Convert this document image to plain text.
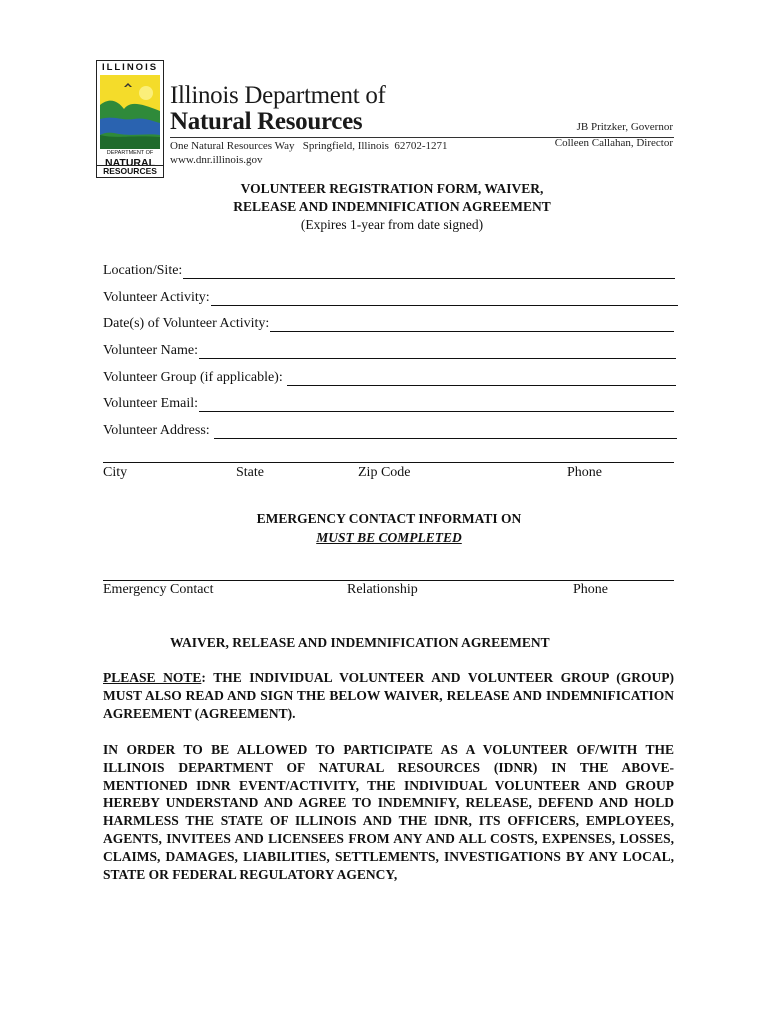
ILLINOIS
DEPARTMENT OF
NATURAL
RESOURCES
Illinois Department of
Natural Resources	JB Pritzker, Governor
Colleen Callahan, Director
One Natural Resources Way   Springfield, Illinois  62702-1271
www.dnr.illinois.gov
VOLUNTEER REGISTRATION FORM, WAIVER,
RELEASE AND INDEMNIFICATION AGREEMENT
(Expires 1-year from date signed)
Location/Site:
Volunteer Activity:
Date(s) of Volunteer Activity:
Volunteer Name:
Volunteer Group (if applicable):
Volunteer Email:
Volunteer Address:
City	State	Zip Code	Phone
EMERGENCY CONTACT INFORMATI ON
MUST BE COMPLETED
Emergency Contact	Relationship	Phone
WAIVER, RELEASE AND INDEMNIFICATION AGREEMENT
PLEASE NOTE: THE INDIVIDUAL VOLUNTEER AND VOLUNTEER GROUP (GROUP) MUST ALSO READ AND SIGN THE BELOW WAIVER, RELEASE AND INDEMNIFICATION AGREEMENT (AGREEMENT).
IN ORDER TO BE ALLOWED TO PARTICIPATE AS A VOLUNTEER OF/WITH THE ILLINOIS DEPARTMENT OF NATURAL RESOURCES (IDNR) IN THE ABOVE-MENTIONED IDNR EVENT/ACTIVITY, THE INDIVIDUAL VOLUNTEER AND GROUP HEREBY UNDERSTAND AND AGREE TO INDEMNIFY, RELEASE, DEFEND AND HOLD HARMLESS THE STATE OF ILLINOIS AND THE IDNR, ITS OFFICERS, EMPLOYEES, AGENTS, INVITEES AND LICENSEES FROM ANY AND ALL COSTS, EXPENSES, LOSSES, CLAIMS, DAMAGES, LIABILITIES, SETTLEMENTS, INVESTIGATIONS BY ANY LOCAL, STATE OR FEDERAL REGULATORY AGENCY,
